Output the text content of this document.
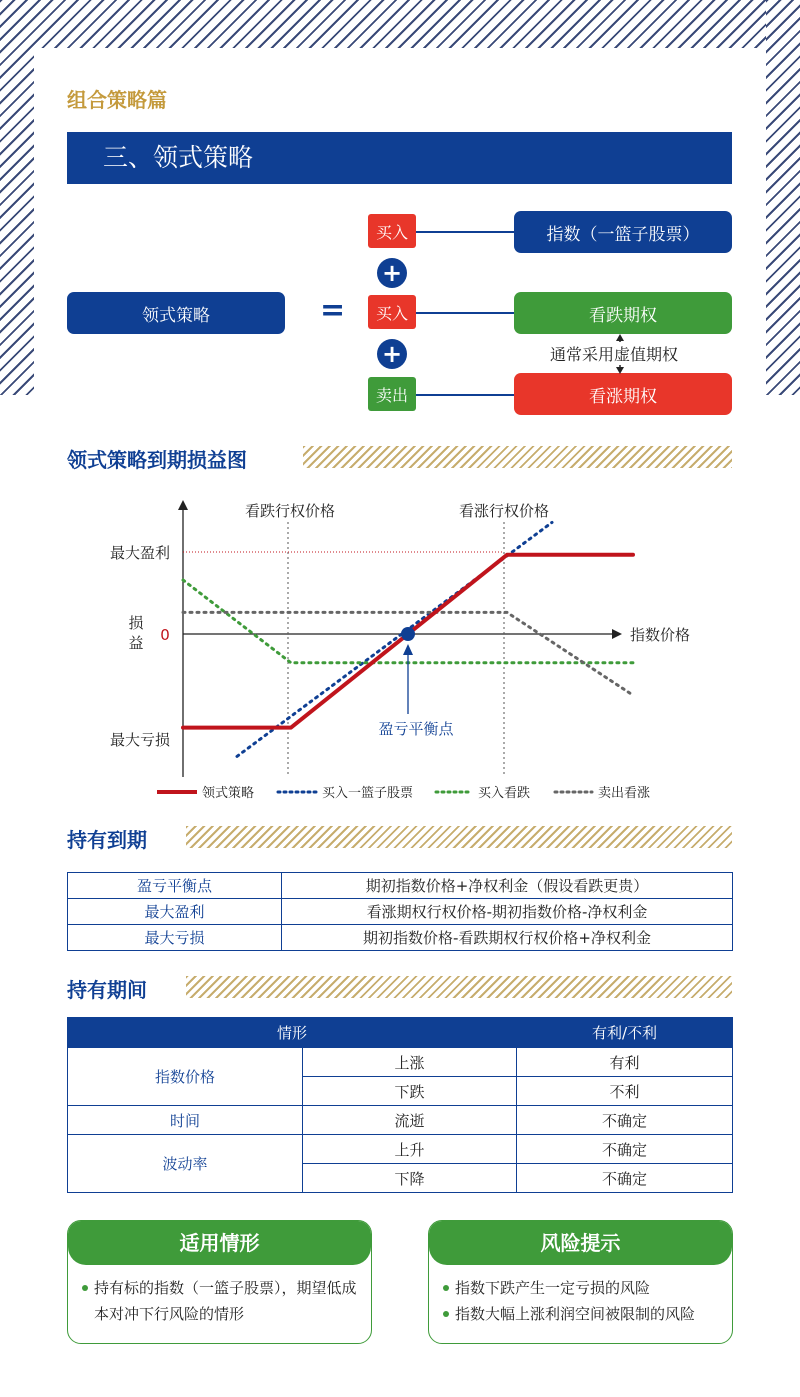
组合策略篇
三、领式策略
领式策略	=
买入
+
买入
+
卖出
指数（一篮子股票）
看跌期权
看涨期权
通常采用虚值期权
领式策略到期损益图
看跌行权价格	看涨行权价格
最大盈利
最大亏损
损
益 0	指数价格
盈亏平衡点
领式策略	买入一篮子股票	买入看跌	卖出看涨
持有到期
盈亏平衡点	期初指数价格+净权利金（假设看跌更贵）
最大盈利	看涨期权行权价格-期初指数价格-净权利金
最大亏损	期初指数价格-看跌期权行权价格+净权利金
持有期间
情形		有利/不利
指数价格	上涨	有利
	下跌	不利
时间	流逝	不确定
波动率	上升	不确定
	下降	不确定
适用情形
持有标的指数（一篮子股票），期望低成本对冲下行风险的情形
风险提示
指数下跌产生一定亏损的风险
指数大幅上涨利润空间被限制的风险
